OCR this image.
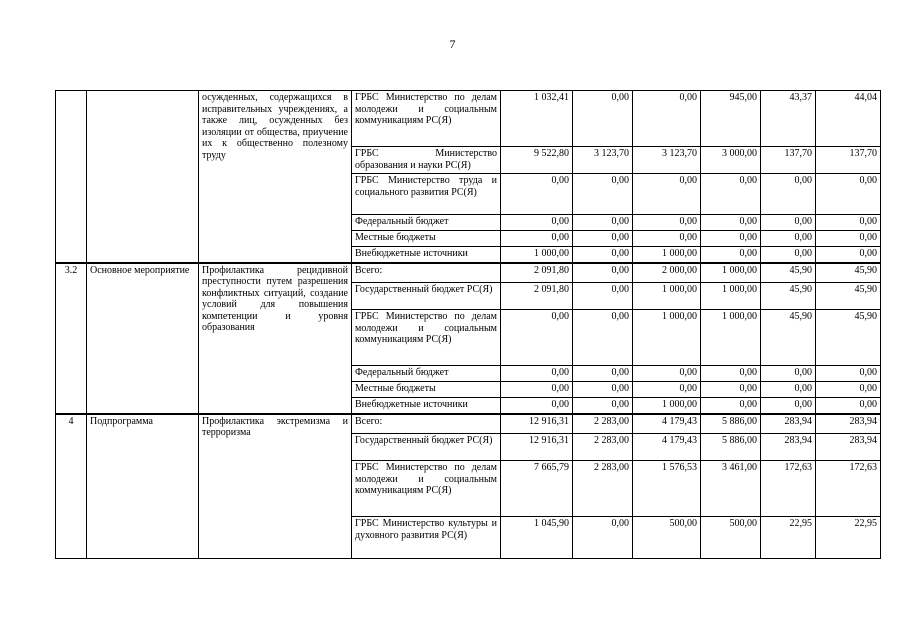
7
		осужденных, содержащихся в исправительных учреждениях, а также лиц, осужденных без изоляции от общества, приучение их к общественно полезному труду	ГРБС Министерство по делам молодежи и социальным коммуникациям РС(Я)	1 032,41	0,00	0,00	945,00	43,37	44,04
			ГРБС Министерство образования и науки РС(Я)	9 522,80	3 123,70	3 123,70	3 000,00	137,70	137,70
			ГРБС Министерство труда и социального развития РС(Я)	0,00	0,00	0,00	0,00	0,00	0,00
			Федеральный бюджет	0,00	0,00	0,00	0,00	0,00	0,00
			Местные бюджеты	0,00	0,00	0,00	0,00	0,00	0,00
			Внебюджетные источники	1 000,00	0,00	1 000,00	0,00	0,00	0,00
3.2	Основное мероприятие	Профилактика рецидивной преступности путем разрешения конфликтных ситуаций, создание условий для повышения компетенции и уровня образования	Всего:	2 091,80	0,00	2 000,00	1 000,00	45,90	45,90
			Государственный бюджет РС(Я)	2 091,80	0,00	1 000,00	1 000,00	45,90	45,90
			ГРБС Министерство по делам молодежи и социальным коммуникациям РС(Я)	0,00	0,00	1 000,00	1 000,00	45,90	45,90
			Федеральный бюджет	0,00	0,00	0,00	0,00	0,00	0,00
			Местные бюджеты	0,00	0,00	0,00	0,00	0,00	0,00
			Внебюджетные источники	0,00	0,00	1 000,00	0,00	0,00	0,00
4	Подпрограмма	Профилактика экстремизма и терроризма	Всего:	12 916,31	2 283,00	4 179,43	5 886,00	283,94	283,94
			Государственный бюджет РС(Я)	12 916,31	2 283,00	4 179,43	5 886,00	283,94	283,94
			ГРБС Министерство по делам молодежи и социальным коммуникациям РС(Я)	7 665,79	2 283,00	1 576,53	3 461,00	172,63	172,63
			ГРБС Министерство культуры и духовного развития РС(Я)	1 045,90	0,00	500,00	500,00	22,95	22,95
